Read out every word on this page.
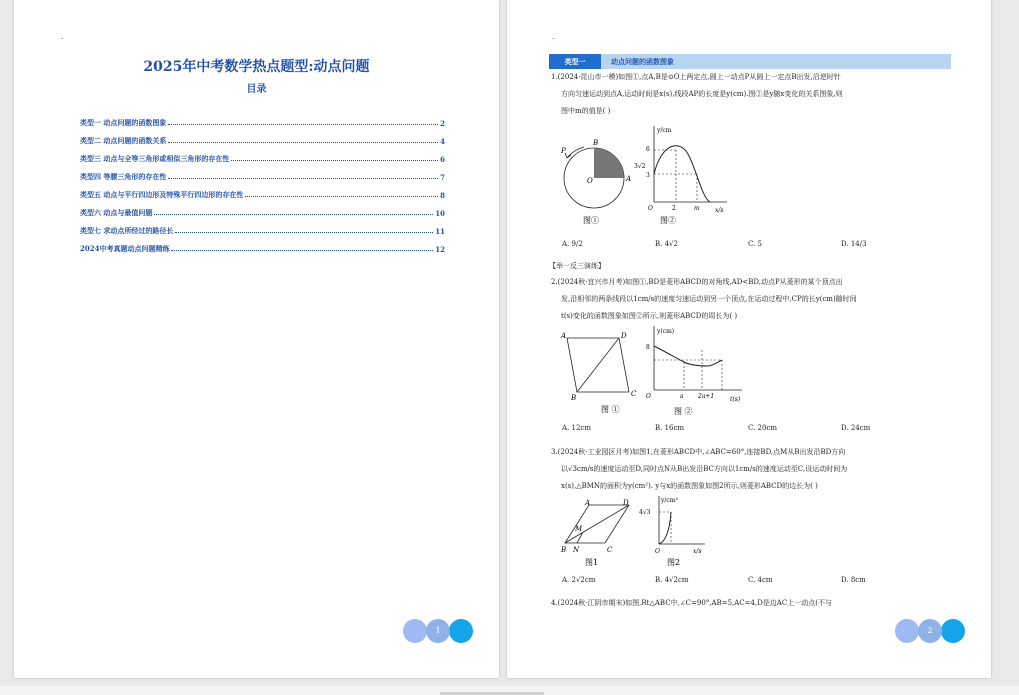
.
2025年中考数学热点题型:动点问题
目录
类型一 动点问题的函数图象	2
类型二 动点问题的函数关系	4
类型三 动点与全等三角形或相似三角形的存在性	6
类型四 等腰三角形的存在性	7
类型五 动点与平行四边形及特殊平行四边形的存在性	8
类型六 动点与最值问题	10
类型七 求动点所经过的路径长	11
2024中考真题动点问题精练	12
1
.
类型一	动点问题的函数图象
1.(2024·昆山市一模)如图①,点A,B是⊙O上两定点,圆上一动点P从圆上一定点B出发,沿逆时针
方向匀速运动到点A,运动时间是x(s),线段AP的长度是y(cm).图②是y随x变化的关系图象,则
图中m的值是( )
P
B
O	A
图①
y/cm
x/s
6
3√2
3
O	2	m
图②
A. 9/2	B. 4√2	C. 5	D. 14/3
【举一反三演练】
2.(2024秋·宜兴市月考)如图①,BD是菱形ABCD的对角线,AD<BD,动点P从菱形的某个顶点出
发,沿相邻的两条线段以1cm/s的速度匀速运动到另一个顶点,在运动过程中,CP的长y(cm)随时间
t(s)变化的函数图象如图②所示,则菱形ABCD的周长为( )
A	D
B	C
图 ①
y(cm)
t(s)
8
O	a 2a+1
图 ②
A. 12cm	B. 16cm	C. 20cm	D. 24cm
3.(2024秋·工业园区月考)如图1,在菱形ABCD中,∠ABC=60°,连接BD,点M从B出发沿BD方向
以√3cm/s的速度运动至D,同时点N从B出发沿BC方向以1cm/s的速度运动至C,设运动时间为
x(s),△BMN的面积为y(cm²). y与x的函数图象如图2所示,则菱形ABCD的边长为( )
A	D
M
B N	C
图1
y/cm²
x/s
4√3
O
图2
A. 2√2cm	B. 4√2cm	C. 4cm	D. 8cm
4.(2024秋·江阴市期末)如图,Rt△ABC中,∠C=90°,AB=5,AC=4,D是边AC上一动点(不与
2
